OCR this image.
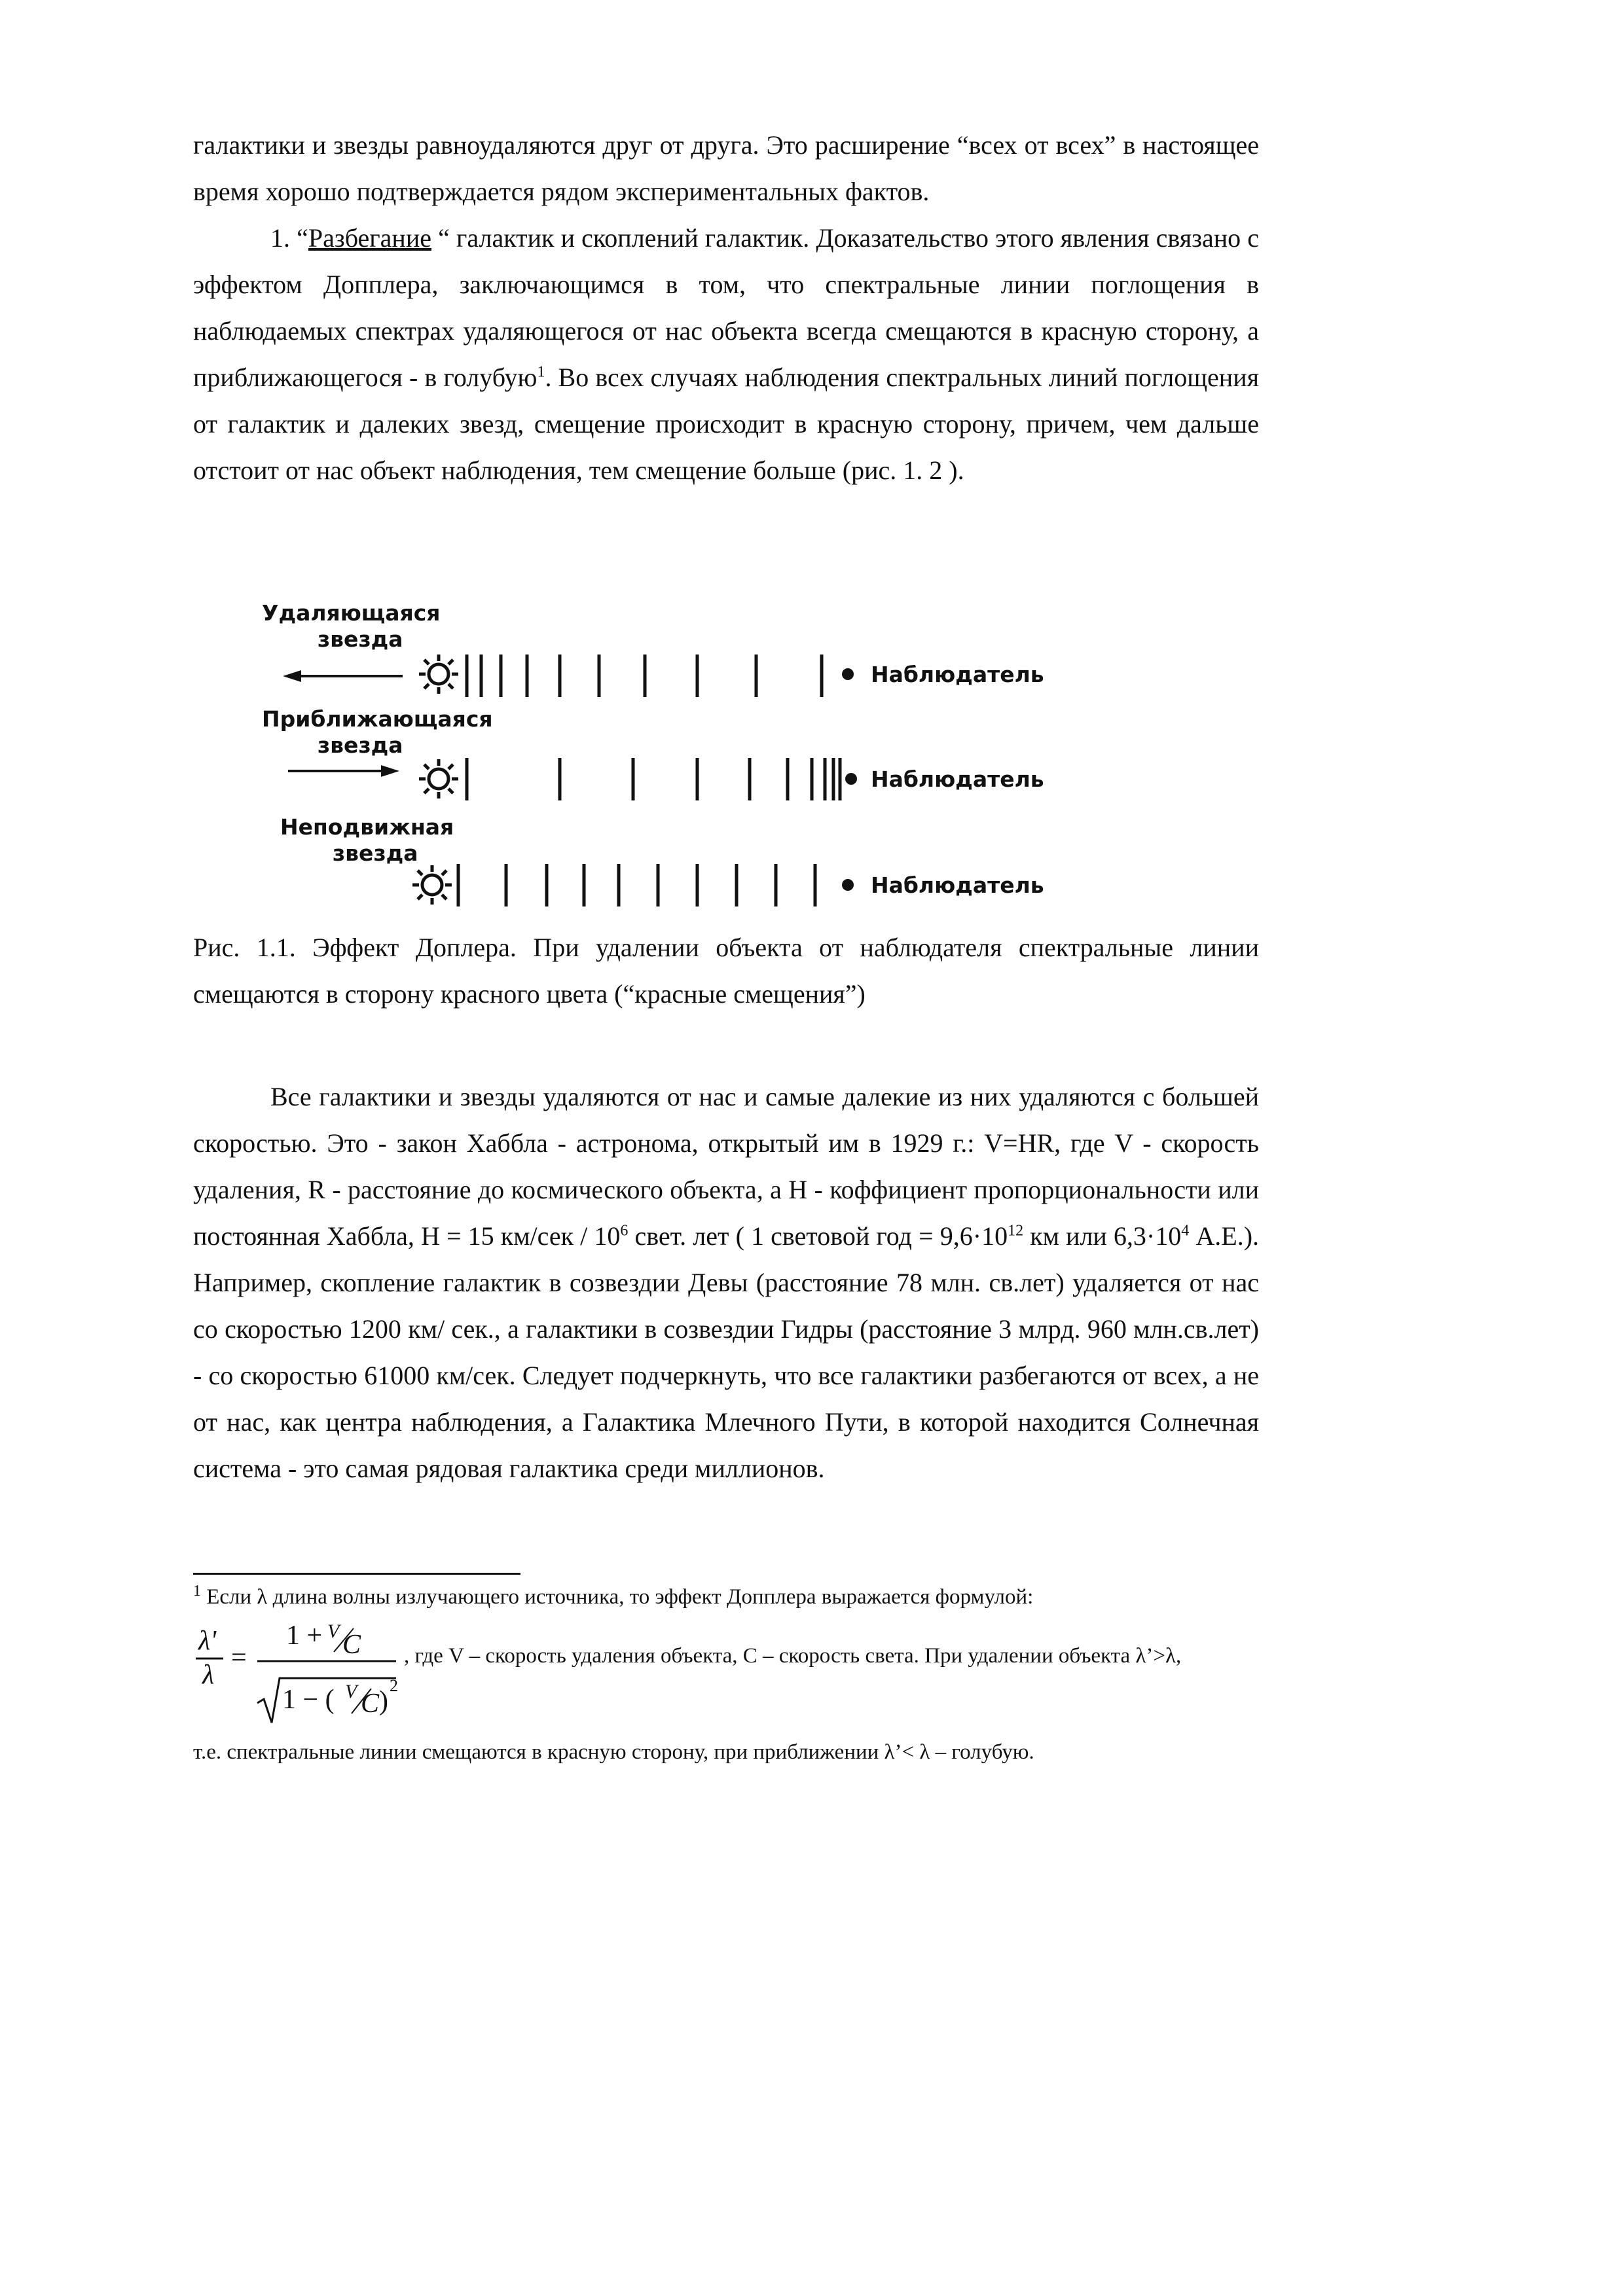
галактики и звезды равноудаляются друг от друга. Это расширение “всех от всех” в настоящее время хорошо подтверждается рядом экспериментальных фактов.

1. “Разбегание “ галактик и скоплений галактик. Доказательство этого явления связано с эффектом Допплера, заключающимся в том, что спектральные линии поглощения в наблюдаемых спектрах удаляющегося от нас объекта всегда смещаются в красную сторону, а приближающегося - в голубую$^1$. Во всех случаях наблюдения спектральных линий поглощения от галактик и далеких звезд, смещение происходит в красную сторону, причем, чем дальше отстоит от нас объект наблюдения, тем смещение больше (рис. 1. 2 ).

Удаляющаяся
звезда
Наблюдатель
Приближающаяся
звезда
Наблюдатель
Неподвижная
звезда
Наблюдатель

Рис. 1.1. Эффект Доплера. При удалении объекта от наблюдателя спектральные линии смещаются в сторону красного цвета (“красные смещения”)

Все галактики и звезды удаляются от нас и самые далекие из них удаляются с большей скоростью. Это - закон Хаббла - астронома, открытый им в 1929 г.: V=HR, где V - скорость удаления, R - расстояние до космического объекта, а Н - коффициент пропорциональности или постоянная Хаббла, Н = 15 $км/сек / 10^6$ свет. лет ( 1 световой год = $9,6\cdot 10^{12}$ км или $6,3\cdot 10^4$ А.Е.). Например, скопление галактик в созвездии Девы (расстояние 78 млн. св.лет) удаляется от нас со скоростью 1200 км/ сек., а галактики в созвездии Гидры (расстояние 3 млрд. 960 млн.св.лет) - со скоростью 61000 км/сек. Следует подчеркнуть, что все галактики разбегаются от всех, а не от нас, как центра наблюдения, а Галактика Млечного Пути, в которой находится Солнечная система - это самая рядовая галактика среди миллионов.

$^1$ Если λ длина волны излучающего источника, то эффект Допплера выражается формулой:
λ'
λ
=
1 + V C
1 − ( V C )
2
, где V – скорость удаления объекта, С – скорость света. При удалении объекта λ’>λ,
т.е. спектральные линии смещаются в красную сторону, при приближении λ’< λ – голубую.
